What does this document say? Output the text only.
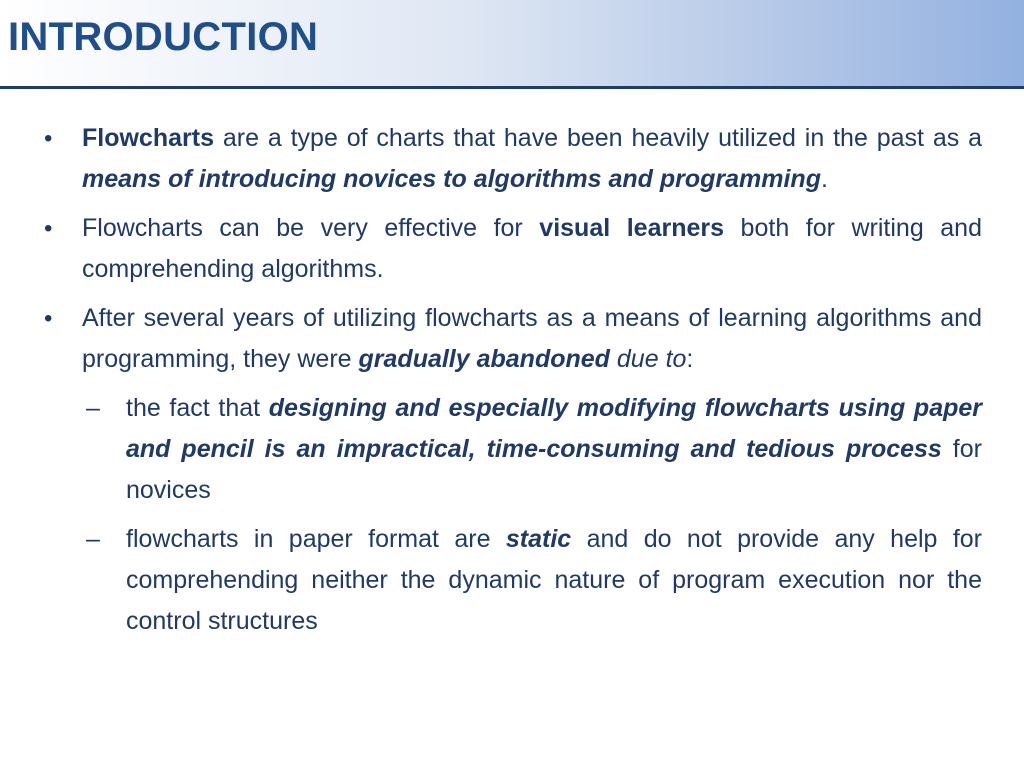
INTRODUCTION
• Flowcharts are a type of charts that have been heavily utilized in the past as a means of introducing novices to algorithms and programming.
• Flowcharts can be very effective for visual learners both for writing and comprehending algorithms.
• After several years of utilizing flowcharts as a means of learning algorithms and programming, they were gradually abandoned due to:
– the fact that designing and especially modifying flowcharts using paper and pencil is an impractical, time-consuming and tedious process for novices
– flowcharts in paper format are static and do not provide any help for comprehending neither the dynamic nature of program execution nor the control structures
